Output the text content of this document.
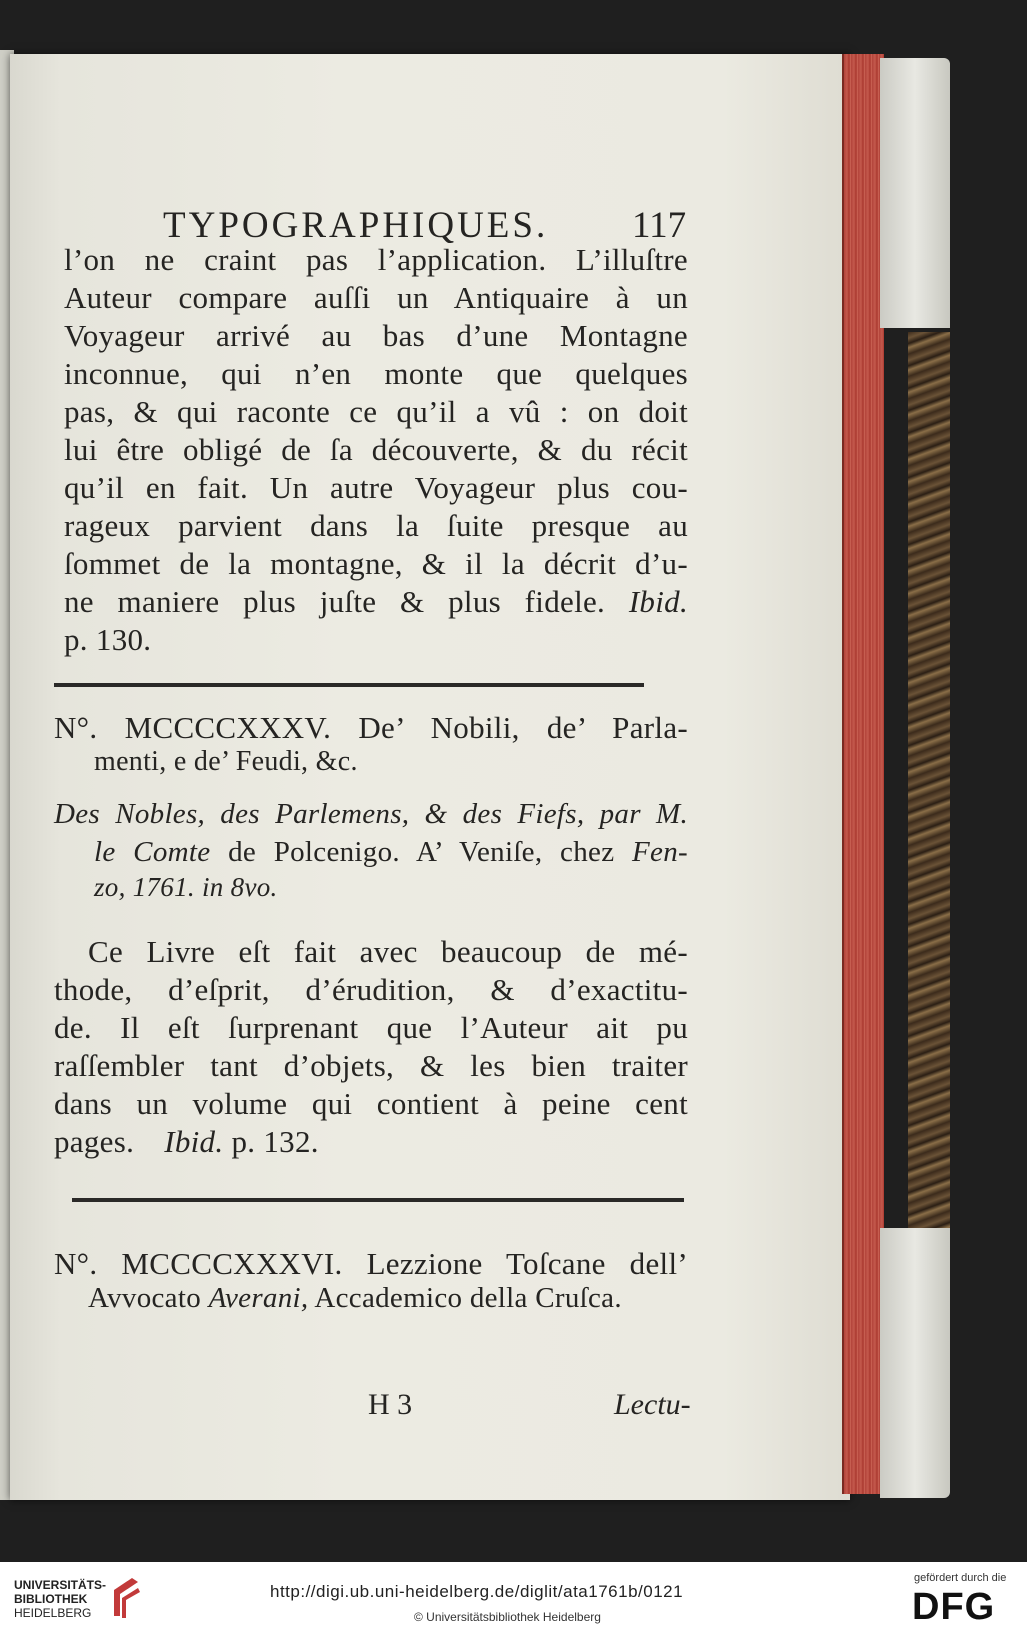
TYPOGRAPHIQUES. 117
l’on ne craint pas l’application. L’illuſtre
Auteur compare auſſi un Antiquaire à un
Voyageur arrivé au bas d’une Montagne
inconnue, qui n’en monte que quelques
pas, & qui raconte ce qu’il a vû : on doit
lui être obligé de ſa découverte, & du récit
qu’il en fait. Un autre Voyageur plus cou-
rageux parvient dans la ſuite presque au
ſommet de la montagne, & il la décrit d’u-
ne maniere plus juſte & plus fidele. Ibid.
p. 130.
N°. MCCCCXXXV. De’ Nobili, de’ Parla-
menti, e de’ Feudi, &c.
Des Nobles, des Parlemens, & des Fiefs, par M.
le Comte de Polcenigo. A’ Veniſe, chez Fen-
zo, 1761. in 8vo.
Ce Livre eſt fait avec beaucoup de mé-
thode, d’eſprit, d’érudition, & d’exactitu-
de. Il eſt ſurprenant que l’Auteur ait pu
raſſembler tant d’objets, & les bien traiter
dans un volume qui contient à peine cent
pages. Ibid. p. 132.
N°. MCCCCXXXVI. Lezzione Toſcane dell’
Avvocato Averani, Accademico della Cruſca.
H 3	Lectu-
UNIVERSITÄTS-
BIBLIOTHEK
HEIDELBERG
http://digi.ub.uni-heidelberg.de/diglit/ata1761b/0121
© Universitätsbibliothek Heidelberg
gefördert durch die
DFG
